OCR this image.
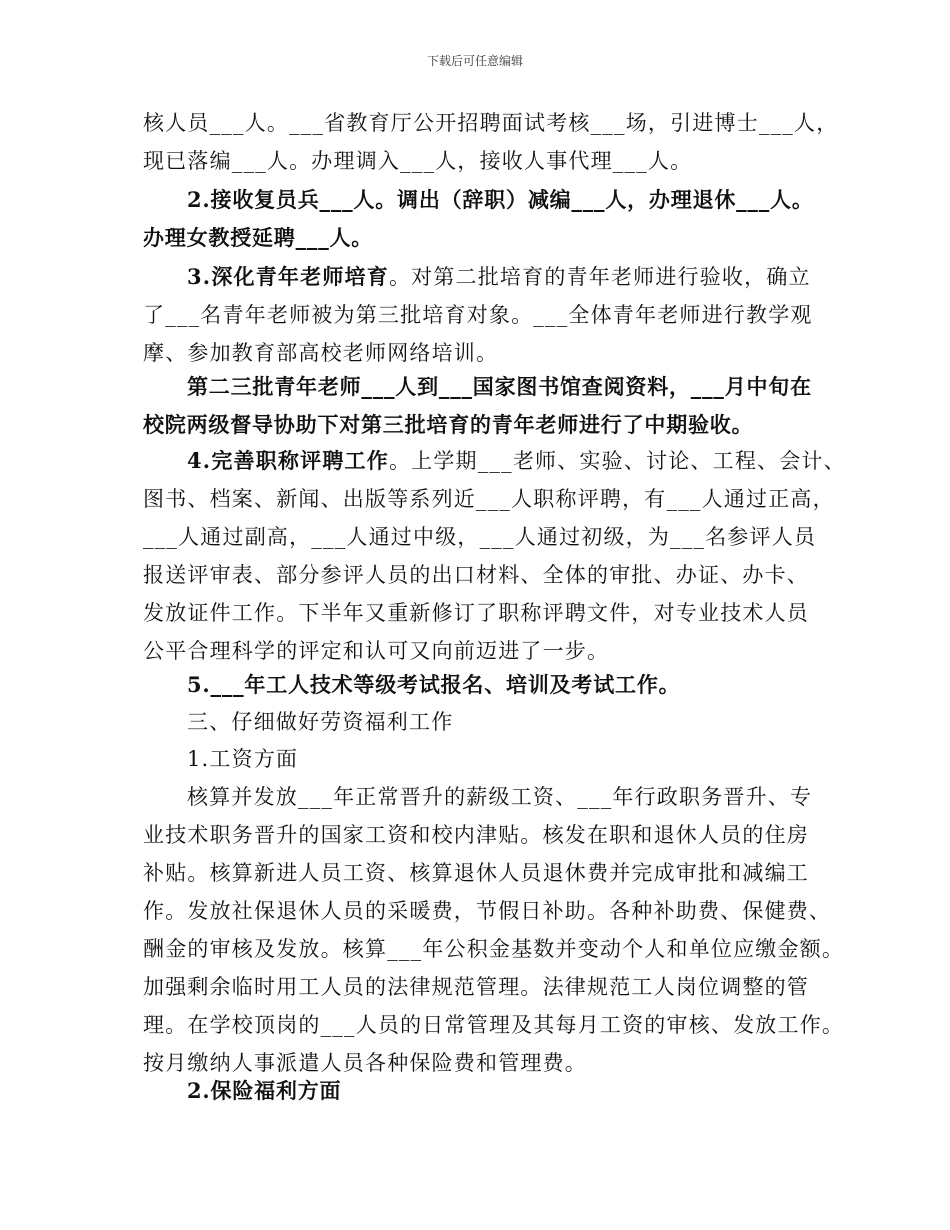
下载后可任意编辑
核人员___人。___省教育厅公开招聘面试考核___场，引进博士___人，
现已落编___人。办理调入___人，接收人事代理___人。
2.接收复员兵___人。调出（辞职）减编___人，办理退休___人。
办理女教授延聘___人。
3.深化青年老师培育。对第二批培育的青年老师进行验收，确立
了___名青年老师被为第三批培育对象。___全体青年老师进行教学观
摩、参加教育部高校老师网络培训。
第二三批青年老师___人到___国家图书馆查阅资料，___月中旬在
校院两级督导协助下对第三批培育的青年老师进行了中期验收。
4.完善职称评聘工作。上学期___老师、实验、讨论、工程、会计、
图书、档案、新闻、出版等系列近___人职称评聘，有___人通过正高，
___人通过副高，___人通过中级，___人通过初级，为___名参评人员
报送评审表、部分参评人员的出口材料、全体的审批、办证、办卡、
发放证件工作。下半年又重新修订了职称评聘文件，对专业技术人员
公平合理科学的评定和认可又向前迈进了一步。
5.___年工人技术等级考试报名、培训及考试工作。
三、仔细做好劳资福利工作
1.工资方面
核算并发放___年正常晋升的薪级工资、___年行政职务晋升、专
业技术职务晋升的国家工资和校内津贴。核发在职和退休人员的住房
补贴。核算新进人员工资、核算退休人员退休费并完成审批和减编工
作。发放社保退休人员的采暖费，节假日补助。各种补助费、保健费、
酬金的审核及发放。核算___年公积金基数并变动个人和单位应缴金额。
加强剩余临时用工人员的法律规范管理。法律规范工人岗位调整的管
理。在学校顶岗的___人员的日常管理及其每月工资的审核、发放工作。
按月缴纳人事派遣人员各种保险费和管理费。
2.保险福利方面
